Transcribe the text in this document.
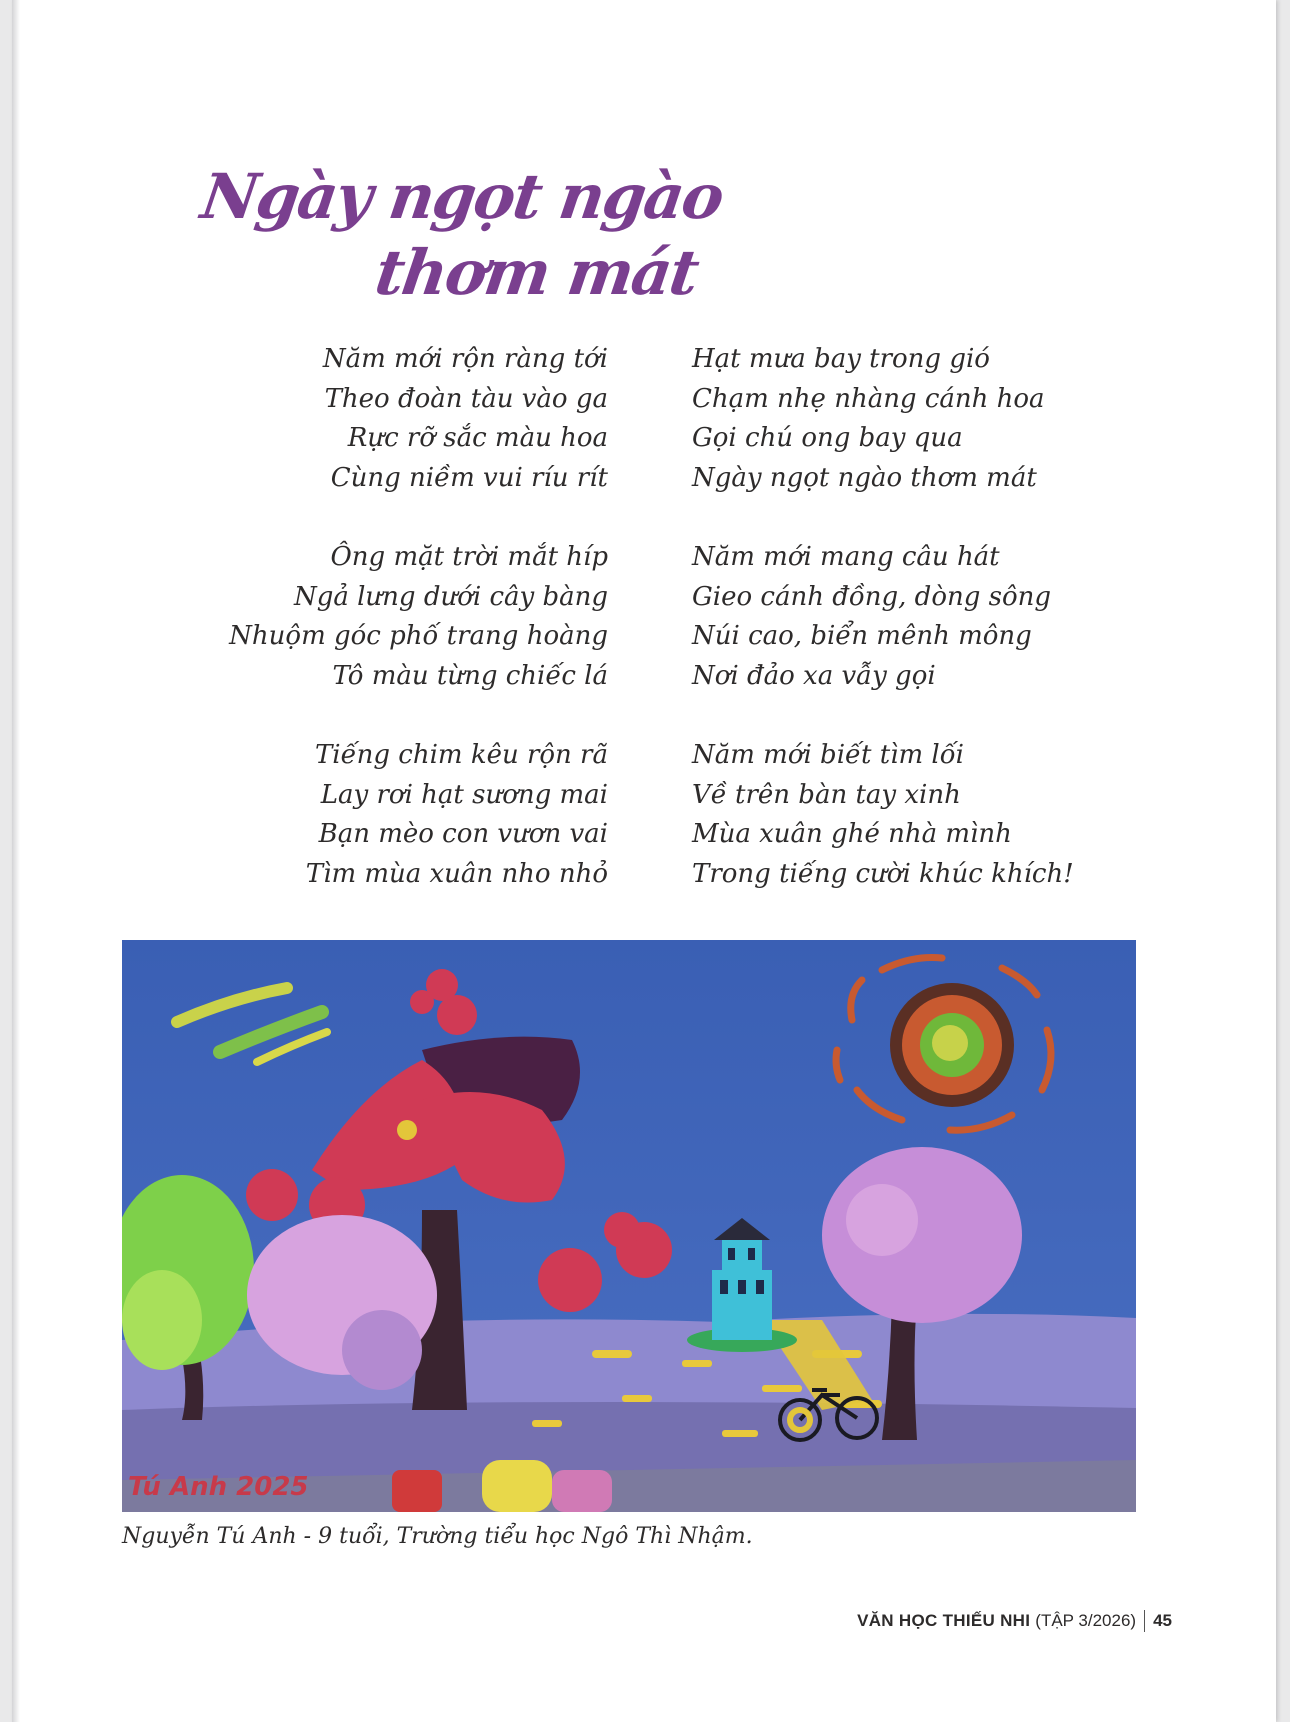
Ngày ngọt ngào
thơm mát
Năm mới rộn ràng tới
Theo đoàn tàu vào ga
Rực rỡ sắc màu hoa
Cùng niềm vui ríu rít
Ông mặt trời mắt híp
Ngả lưng dưới cây bàng
Nhuộm góc phố trang hoàng
Tô màu từng chiếc lá
Tiếng chim kêu rộn rã
Lay rơi hạt sương mai
Bạn mèo con vươn vai
Tìm mùa xuân nho nhỏ
Hạt mưa bay trong gió
Chạm nhẹ nhàng cánh hoa
Gọi chú ong bay qua
Ngày ngọt ngào thơm mát
Năm mới mang câu hát
Gieo cánh đồng, dòng sông
Núi cao, biển mênh mông
Nơi đảo xa vẫy gọi
Năm mới biết tìm lối
Về trên bàn tay xinh
Mùa xuân ghé nhà mình
Trong tiếng cười khúc khích!
Tú Anh 2025
Nguyễn Tú Anh - 9 tuổi, Trường tiểu học Ngô Thì Nhậm.
VĂN HỌC THIẾU NHI (TẬP 3/2026) 45
